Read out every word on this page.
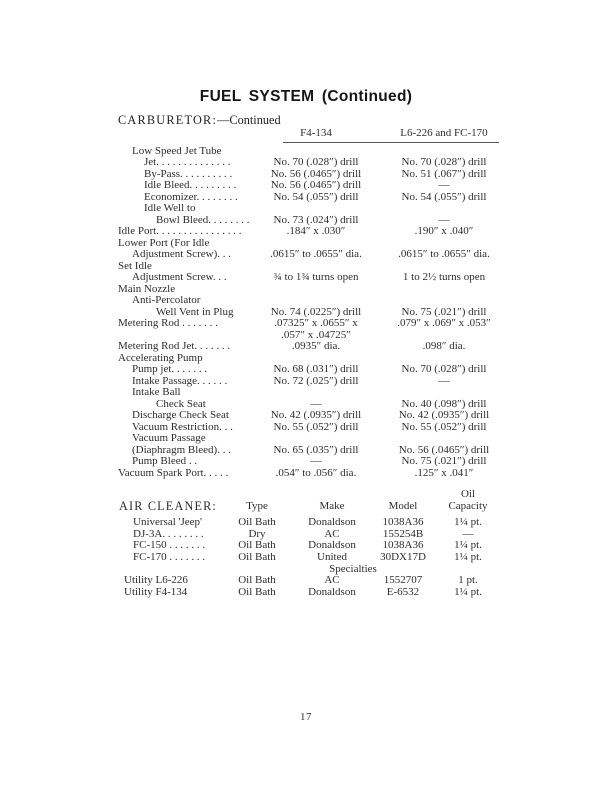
FUEL SYSTEM (Continued)
CARBURETOR:—Continued
F4-134	L6-226 and FC-170
Low Speed Jet Tube
Jet. . . . . . . . . . . . . .	No. 70 (.028″) drill	No. 70 (.028″) drill
By-Pass. . . . . . . . . .	No. 56 (.0465″) drill	No. 51 (.067″) drill
Idle Bleed. . . . . . . . .	No. 56 (.0465″) drill	—
Economizer. . . . . . . .	No. 54 (.055″) drill	No. 54 (.055″) drill
Idle Well to
Bowl Bleed. . . . . . . .	No. 73 (.024″) drill	—
Idle Port. . . . . . . . . . . . . . . .	.184″ x .030″	.190″ x .040″
Lower Port (For Idle
Adjustment Screw). . .	.0615″ to .0655″ dia.	.0615″ to .0655″ dia.
Set Idle
Adjustment Screw. . .	¾ to 1¾ turns open	1 to 2½ turns open
Main Nozzle
Anti-Percolator
Well Vent in Plug	No. 74 (.0225″) drill	No. 75 (.021″) drill
Metering Rod . . . . . . .	.07325″ x .0655″ x	.079″ x .069″ x .053″
.057″ x .04725″
Metering Rod Jet. . . . . . .	.0935″ dia.	.098″ dia.
Accelerating Pump
Pump jet. . . . . . .	No. 68 (.031″) drill	No. 70 (.028″) drill
Intake Passage. . . . . .	No. 72 (.025″) drill	—
Intake Ball
Check Seat	—	No. 40 (.098″) drill
Discharge Check Seat	No. 42 (.0935″) drill	No. 42 (.0935″) drill
Vacuum Restriction. . .	No. 55 (.052″) drill	No. 55 (.052″) drill
Vacuum Passage
(Diaphragm Bleed). . .	No. 65 (.035″) drill	No. 56 (.0465″) drill
Pump Bleed . .	—	No. 75 (.021″) drill
Vacuum Spark Port. . . . .	.054″ to .056″ dia.	.125″ x .041″
Oil
AIR CLEANER:	Type	Make	Model	Capacity
Universal 'Jeep'	Oil Bath	Donaldson	1038A36	1¼ pt.
DJ-3A. . . . . . . .	Dry	AC	155254B	—
FC-150 . . . . . . .	Oil Bath	Donaldson	1038A36	1¼ pt.
FC-170 . . . . . . .	Oil Bath	United	30DX17D	1¼ pt.
Specialties
Utility L6-226	Oil Bath	AC	1552707	1 pt.
Utility F4-134	Oil Bath	Donaldson	E-6532	1¼ pt.
17
